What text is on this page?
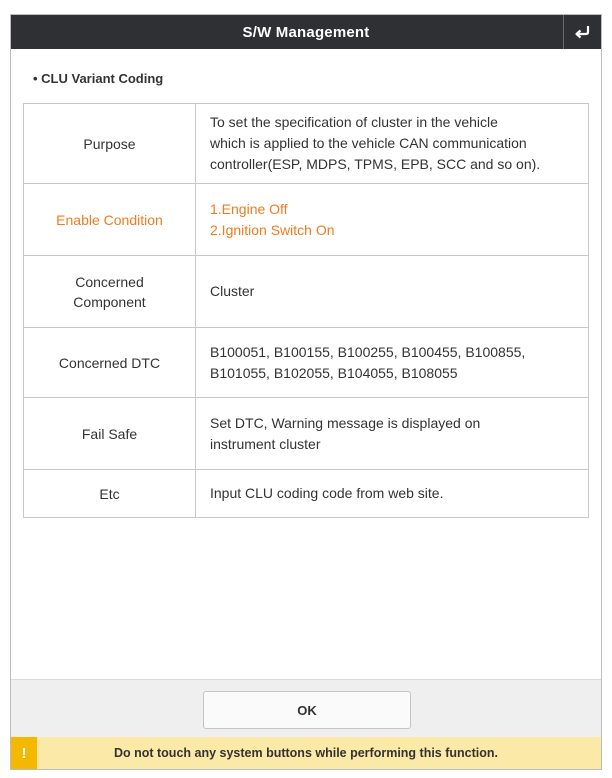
S/W Management
• CLU Variant Coding
Purpose	To set the specification of cluster in the vehicle
which is applied to the vehicle CAN communication
controller(ESP, MDPS, TPMS, EPB, SCC and so on).

Enable Condition	1.Engine Off
2.Ignition Switch On

Concerned
Component	Cluster

Concerned DTC	B100051, B100155, B100255, B100455, B100855,
B101055, B102055, B104055, B108055

Fail Safe	Set DTC, Warning message is displayed on
instrument cluster

Etc	Input CLU coding code from web site.
OK
!	Do not touch any system buttons while performing this function.
